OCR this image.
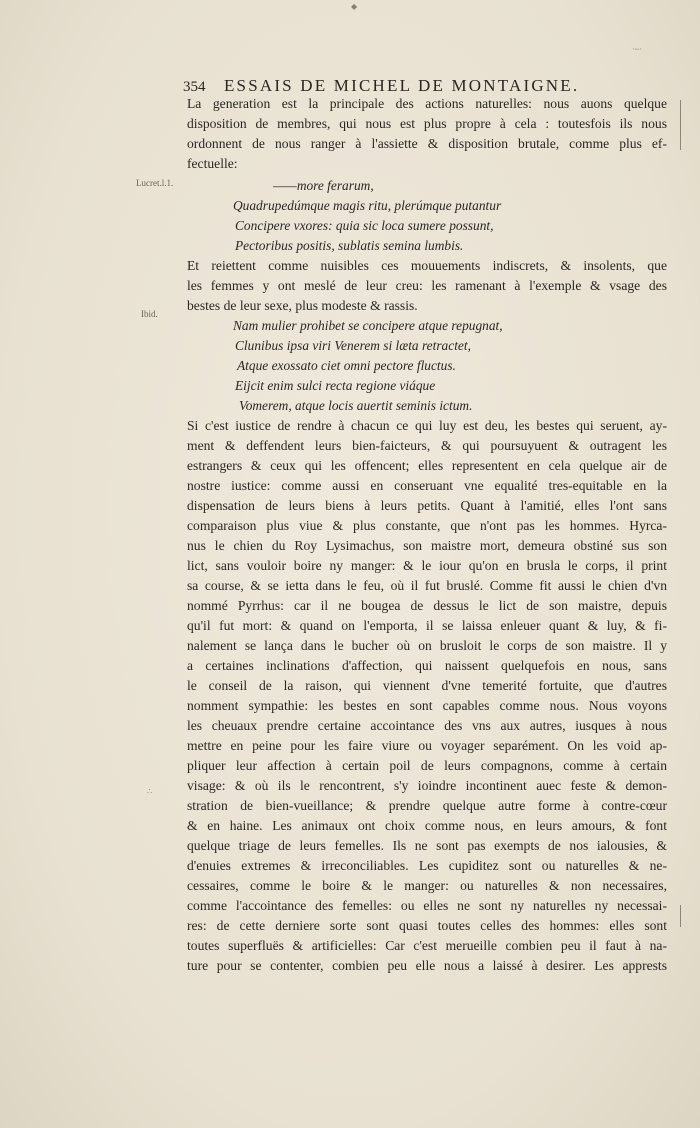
354 ESSAIS DE MICHEL DE MONTAIGNE.
◆
·~·
∴
Lucret.l.1.
Ibid.
La generation est la principale des actions naturelles: nous auons quelque
disposition de membres, qui nous est plus propre à cela : toutesfois ils nous
ordonnent de nous ranger à l'assiette & disposition brutale, comme plus ef-
fectuelle:
——more ferarum,
Quadrupedúmque magis ritu, plerúmque putantur
Concipere vxores: quia sic loca sumere possunt,
Pectoribus positis, sublatis semina lumbis.
Et reiettent comme nuisibles ces mouuements indiscrets, & insolents, que
les femmes y ont meslé de leur creu: les ramenant à l'exemple & vsage des
bestes de leur sexe, plus modeste & rassis.
Nam mulier prohibet se concipere atque repugnat,
Clunibus ipsa viri Venerem si læta retractet,
Atque exossato ciet omni pectore fluctus.
Eijcit enim sulci recta regione viáque
Vomerem, atque locis auertit seminis ictum.
Si c'est iustice de rendre à chacun ce qui luy est deu, les bestes qui seruent, ay-
ment & deffendent leurs bien-faicteurs, & qui poursuyuent & outragent les
estrangers & ceux qui les offencent; elles representent en cela quelque air de
nostre iustice: comme aussi en conseruant vne equalité tres-equitable en la
dispensation de leurs biens à leurs petits. Quant à l'amitié, elles l'ont sans
comparaison plus viue & plus constante, que n'ont pas les hommes. Hyrca-
nus le chien du Roy Lysimachus, son maistre mort, demeura obstiné sus son
lict, sans vouloir boire ny manger: & le iour qu'on en brusla le corps, il print
sa course, & se ietta dans le feu, où il fut bruslé. Comme fit aussi le chien d'vn
nommé Pyrrhus: car il ne bougea de dessus le lict de son maistre, depuis
qu'il fut mort: & quand on l'emporta, il se laissa enleuer quant & luy, & fi-
nalement se lança dans le bucher où on brusloit le corps de son maistre. Il y
a certaines inclinations d'affection, qui naissent quelquefois en nous, sans
le conseil de la raison, qui viennent d'vne temerité fortuite, que d'autres
nomment sympathie: les bestes en sont capables comme nous. Nous voyons
les cheuaux prendre certaine accointance des vns aux autres, iusques à nous
mettre en peine pour les faire viure ou voyager separément. On les void ap-
pliquer leur affection à certain poil de leurs compagnons, comme à certain
visage: & où ils le rencontrent, s'y ioindre incontinent auec feste & demon-
stration de bien-vueillance; & prendre quelque autre forme à contre-cœur
& en haine. Les animaux ont choix comme nous, en leurs amours, & font
quelque triage de leurs femelles. Ils ne sont pas exempts de nos ialousies, &
d'enuies extremes & irreconciliables. Les cupiditez sont ou naturelles & ne-
cessaires, comme le boire & le manger: ou naturelles & non necessaires,
comme l'accointance des femelles: ou elles ne sont ny naturelles ny necessai-
res: de cette derniere sorte sont quasi toutes celles des hommes: elles sont
toutes superfluës & artificielles: Car c'est merueille combien peu il faut à na-
ture pour se contenter, combien peu elle nous a laissé à desirer. Les apprests
